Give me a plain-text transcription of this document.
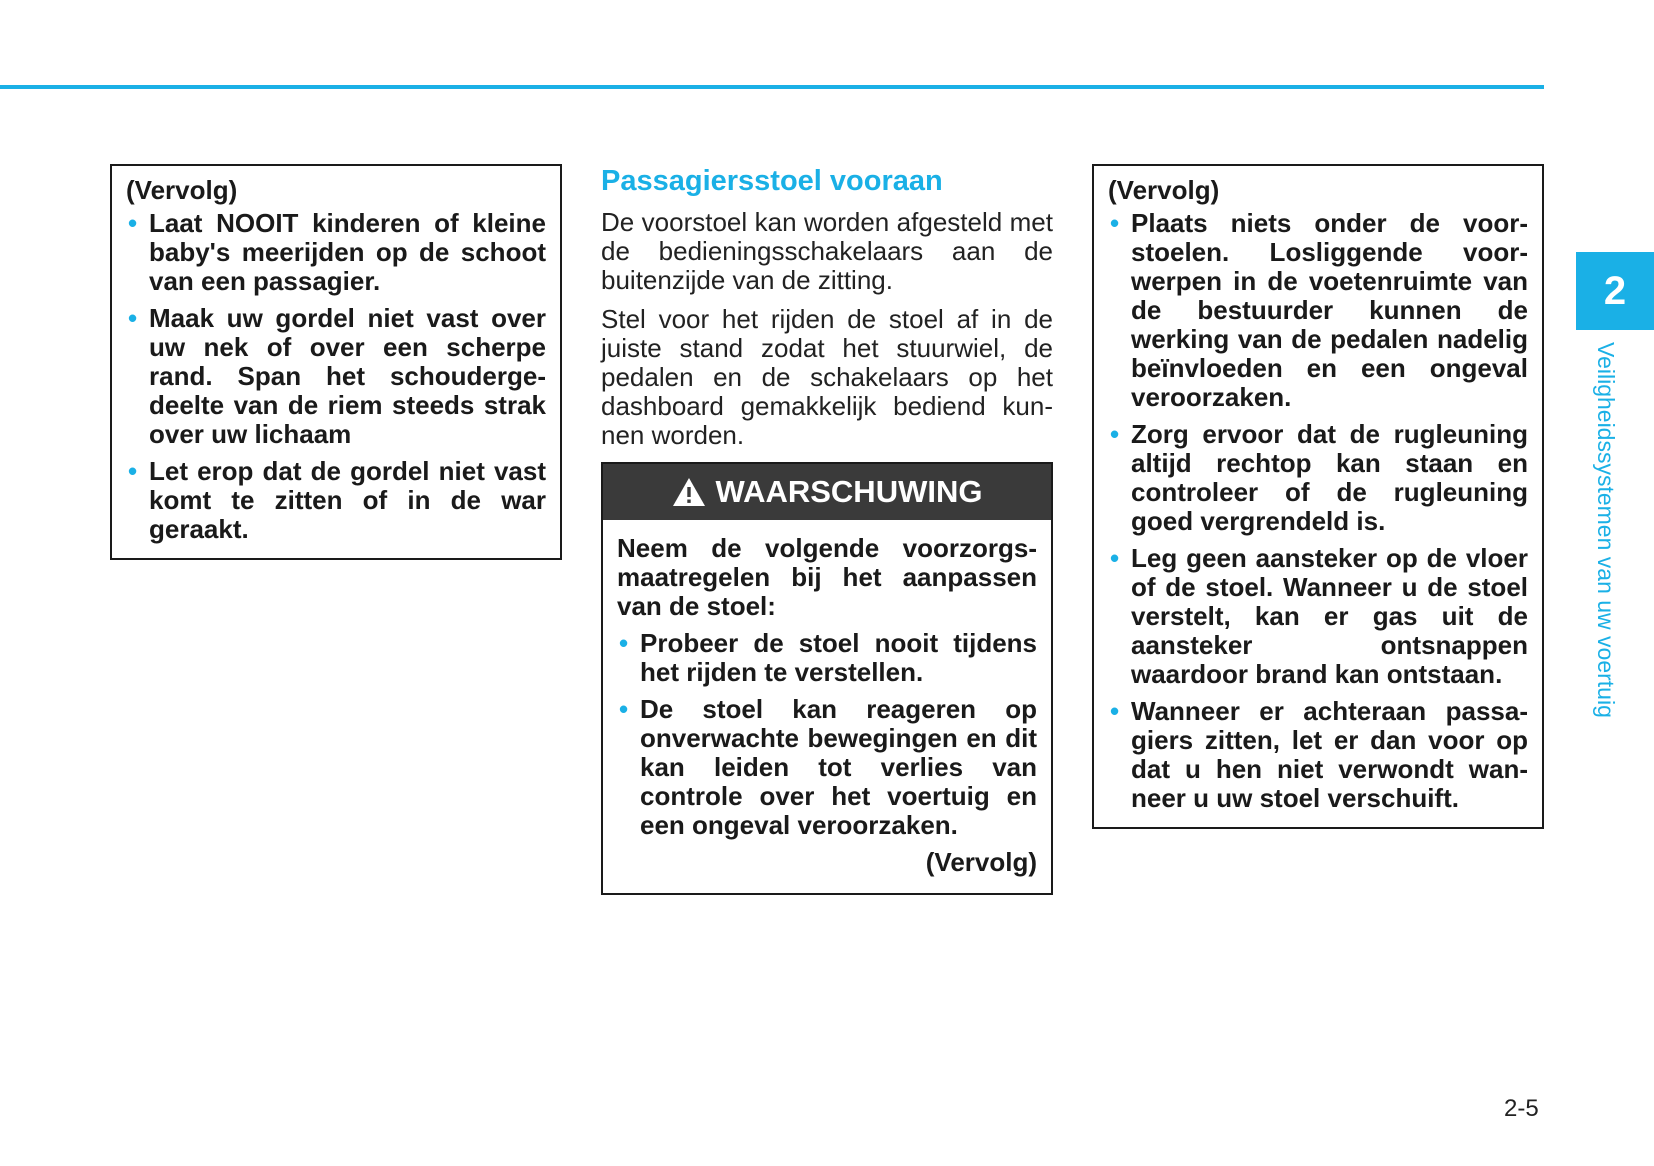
(Vervolg)
• Laat NOOIT kinderen of kleine baby's meerijden op de schoot van een passagier.
• Maak uw gordel niet vast over uw nek of over een scherpe rand. Span het schoudergedeelte van de riem steeds strak over uw lichaam
• Let erop dat de gordel niet vast komt te zitten of in de war geraakt.
Passagiersstoel vooraan

De voorstoel kan worden afgesteld met de bedieningsschakelaars aan de buitenzijde van de zitting.

Stel voor het rijden de stoel af in de juiste stand zodat het stuurwiel, de pedalen en de schakelaars op het dashboard gemakkelijk bediend kunnen worden.

WAARSCHUWING
Neem de volgende voorzorgsmaatregelen bij het aanpassen van de stoel:
• Probeer de stoel nooit tijdens het rijden te verstellen.
• De stoel kan reageren op onverwachte bewegingen en dit kan leiden tot verlies van controle over het voertuig en een ongeval veroorzaken.
(Vervolg)
(Vervolg)
• Plaats niets onder de voorstoelen. Losliggende voorwerpen in de voetenruimte van de bestuurder kunnen de werking van de pedalen nadelig beïnvloeden en een ongeval veroorzaken.
• Zorg ervoor dat de rugleuning altijd rechtop kan staan en controleer of de rugleuning goed vergrendeld is.
• Leg geen aansteker op de vloer of de stoel. Wanneer u de stoel verstelt, kan er gas uit de aansteker ontsnappen waardoor brand kan ontstaan.
• Wanneer er achteraan passagiers zitten, let er dan voor op dat u hen niet verwondt wanneer u uw stoel verschuift.
2
Veiligheidssystemen van uw voertuig
2-5
